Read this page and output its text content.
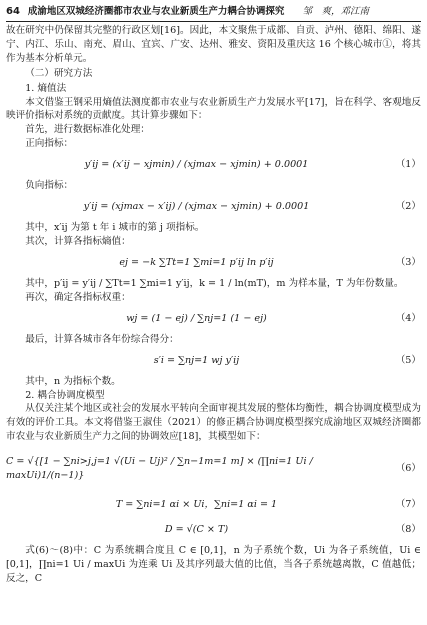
64 成渝地区双城经济圈都市农业与农业新质生产力耦合协调探究 邹　爽，邓江南

故在研究中仍保留其完整的行政区划[16]。因此，本文聚焦于成都、自贡、泸州、德阳、绵阳、遂宁、内江、乐山、南充、眉山、宜宾、广安、达州、雅安、资阳及重庆这 16 个核心城市①，将其作为基本分析单元。

（二）研究方法

1. 熵值法

本文借鉴王钢采用熵值法测度都市农业与农业新质生产力发展水平[17]，旨在科学、客观地反映评价指标对系统的贡献度。其计算步骤如下：

首先，进行数据标准化处理：

正向指标：

y′ij = (x′ij − xjmin) / (xjmax − xjmin) + 0.0001	（1）

负向指标：

y′ij = (xjmax − x′ij) / (xjmax − xjmin) + 0.0001	（2）

其中，x′ij 为第 t 年 i 城市的第 j 项指标。

其次，计算各指标熵值：

ej = −k ∑Tt=1 ∑mi=1 p′ij ln p′ij	（3）

其中，p′ij = y′ij / ∑Tt=1 ∑mi=1 y′ij，k = 1 / ln(mT)，m 为样本量，T 为年份数量。

再次，确定各指标权重：

wj = (1 − ej) / ∑nj=1 (1 − ej)	（4）

最后，计算各城市各年份综合得分：

s′i = ∑nj=1 wj y′ij	（5）

其中，n 为指标个数。

2. 耦合协调度模型

从仅关注某个地区或社会的发展水平转向全面审视其发展的整体均衡性，耦合协调度模型成为有效的评价工具。本文将借鉴王淑佳（2021）的修正耦合协调度模型探究成渝地区双城经济圈都市农业与农业新质生产力之间的协调效应[18]，其模型如下：

C = √{[1 − ∑ni>j,j=1 √(Ui − Uj)² / ∑n−1m=1 m] × (∏ni=1 Ui / maxUi)1/(n−1)}
（6）
T = ∑ni=1 αi × Ui，∑ni=1 αi = 1	（7）
D = √(C × T)	（8）

式(6)～(8)中：C 为系统耦合度且 C ∈ [0,1]，n 为子系统个数，Ui 为各子系统值，Ui ∈ [0,1]，∏ni=1 Ui / maxUi 为连乘 Ui 及其序列最大值的比值，当各子系统越离散，C 值越低；反之，C
